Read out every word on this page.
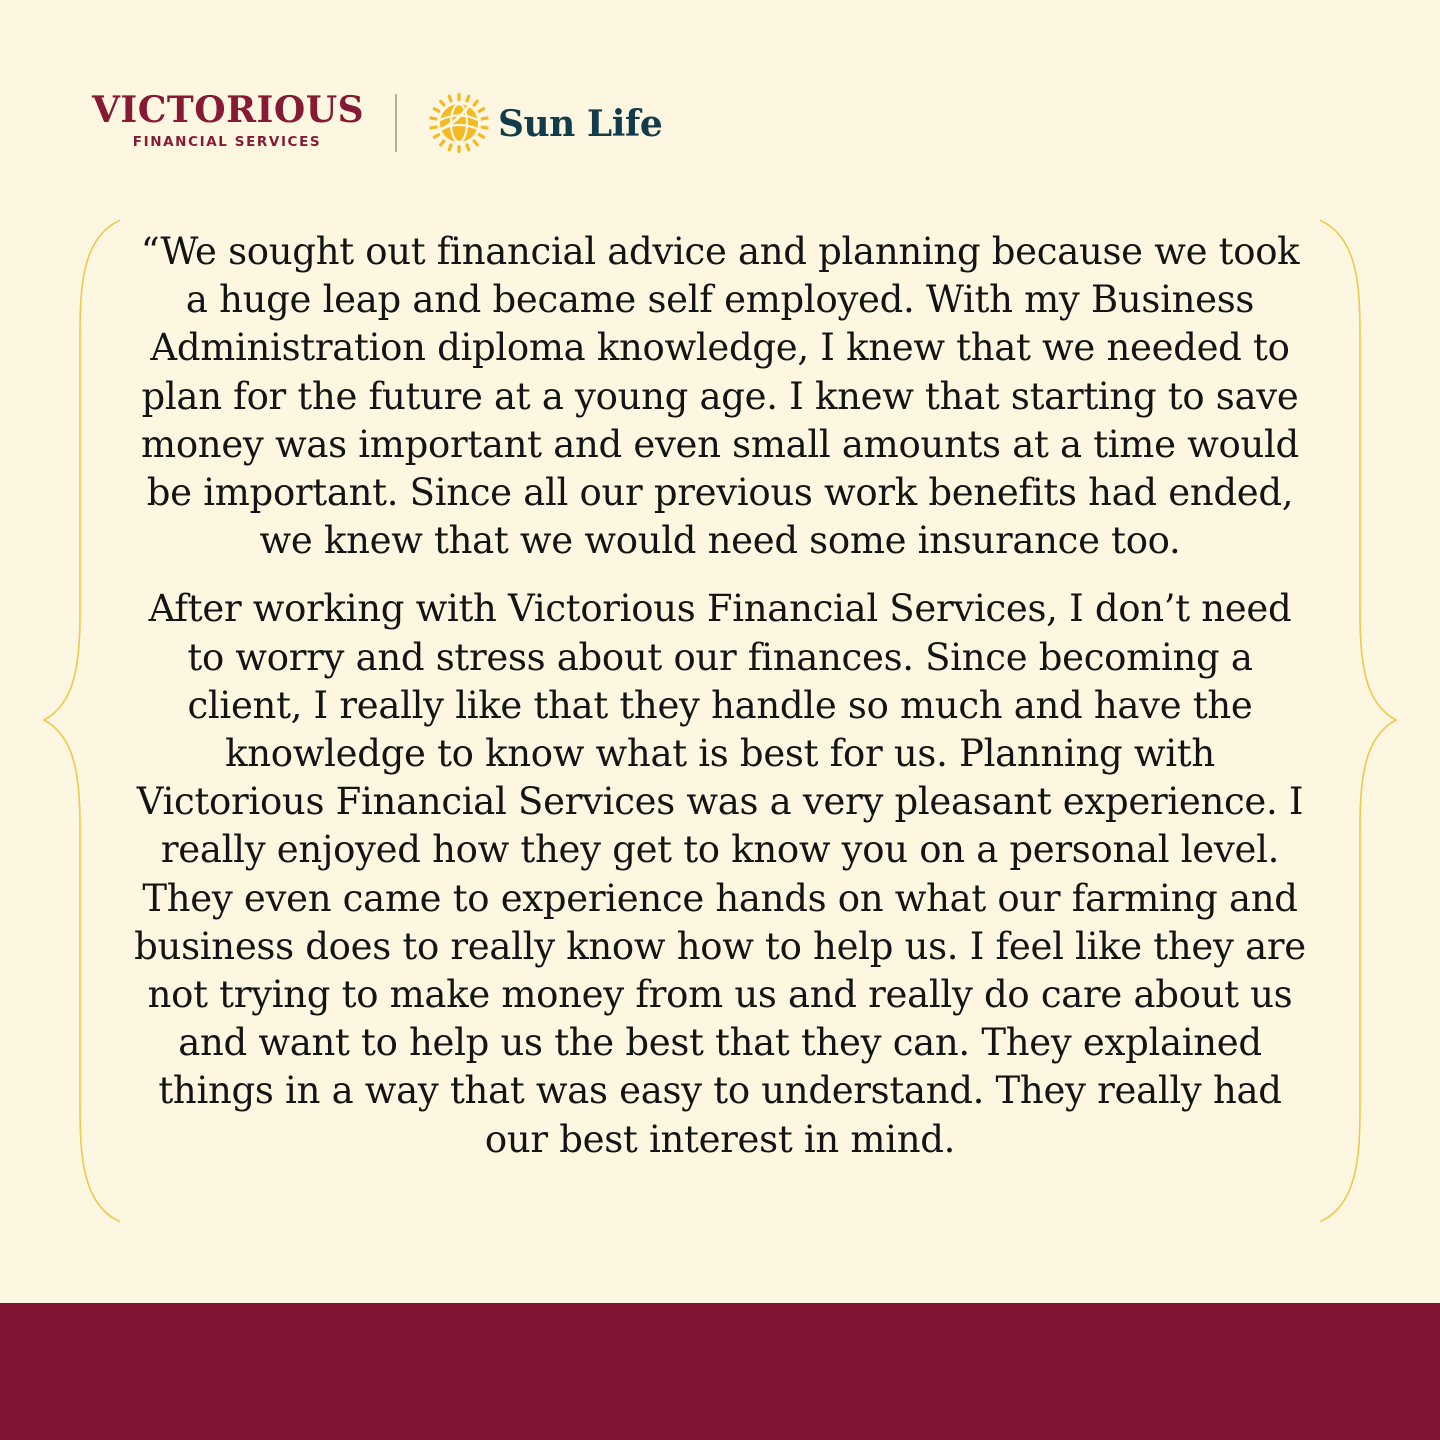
VICTORIOUS
FINANCIAL SERVICES	Sun Life

“We sought out financial advice and planning because we took a huge leap and became self employed. With my Business Administration diploma knowledge, I knew that we needed to plan for the future at a young age. I knew that starting to save money was important and even small amounts at a time would be important. Since all our previous work benefits had ended, we knew that we would need some insurance too.

After working with Victorious Financial Services, I don’t need to worry and stress about our finances. Since becoming a client, I really like that they handle so much and have the knowledge to know what is best for us. Planning with Victorious Financial Services was a very pleasant experience. I really enjoyed how they get to know you on a personal level. They even came to experience hands on what our farming and business does to really know how to help us. I feel like they are not trying to make money from us and really do care about us and want to help us the best that they can. They explained things in a way that was easy to understand. They really had our best interest in mind.
